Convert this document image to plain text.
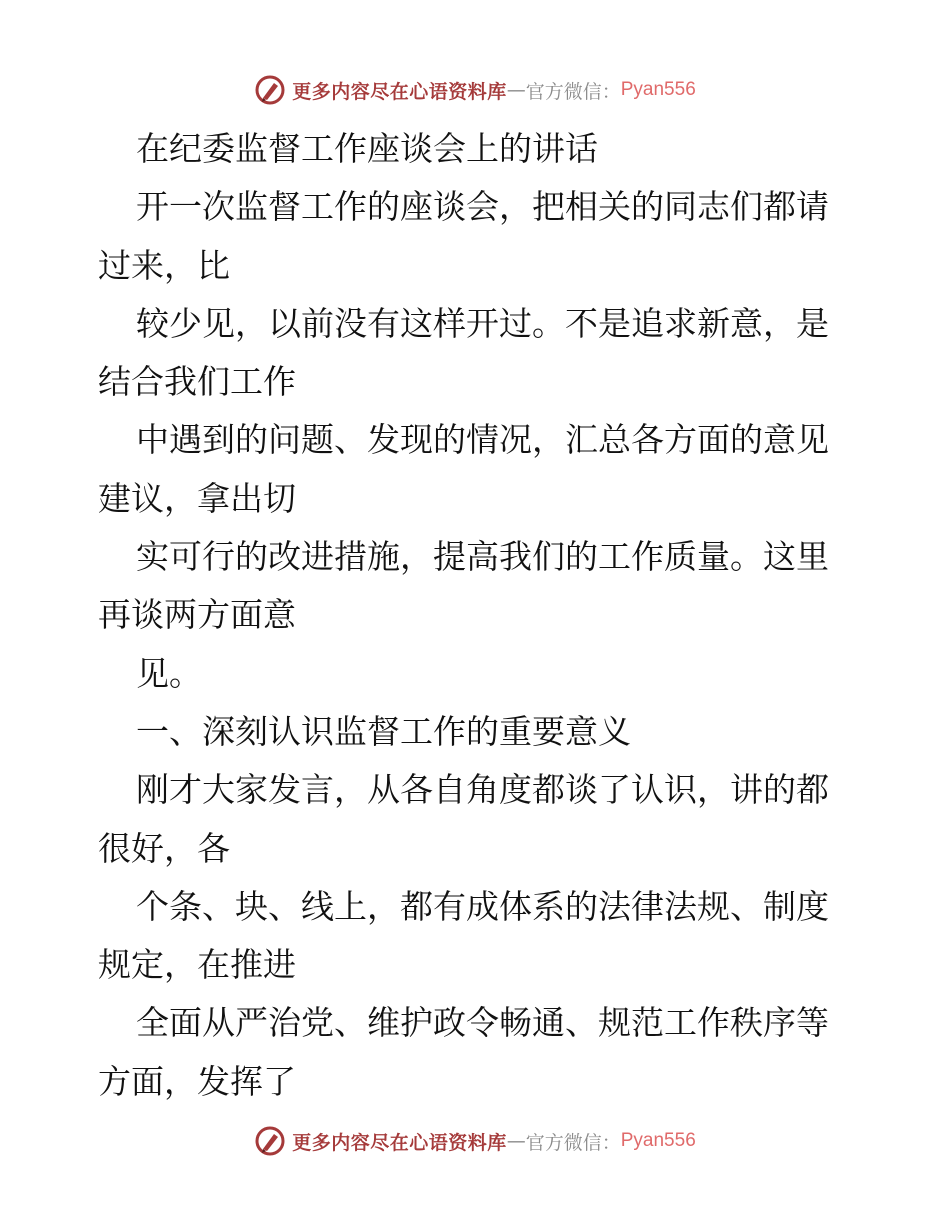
更多内容尽在心语资料库 — 官方微信： Pyan556
在纪委监督工作座谈会上的讲话
开一次监督工作的座谈会，把相关的同志们都请
过来，比
较少见，以前没有这样开过。不是追求新意，是
结合我们工作
中遇到的问题、发现的情况，汇总各方面的意见
建议，拿出切
实可行的改进措施，提高我们的工作质量。这里
再谈两方面意
见。
一、深刻认识监督工作的重要意义
刚才大家发言，从各自角度都谈了认识，讲的都
很好，各
个条、块、线上，都有成体系的法律法规、制度
规定，在推进
全面从严治党、维护政令畅通、规范工作秩序等
方面，发挥了
更多内容尽在心语资料库 — 官方微信： Pyan556
